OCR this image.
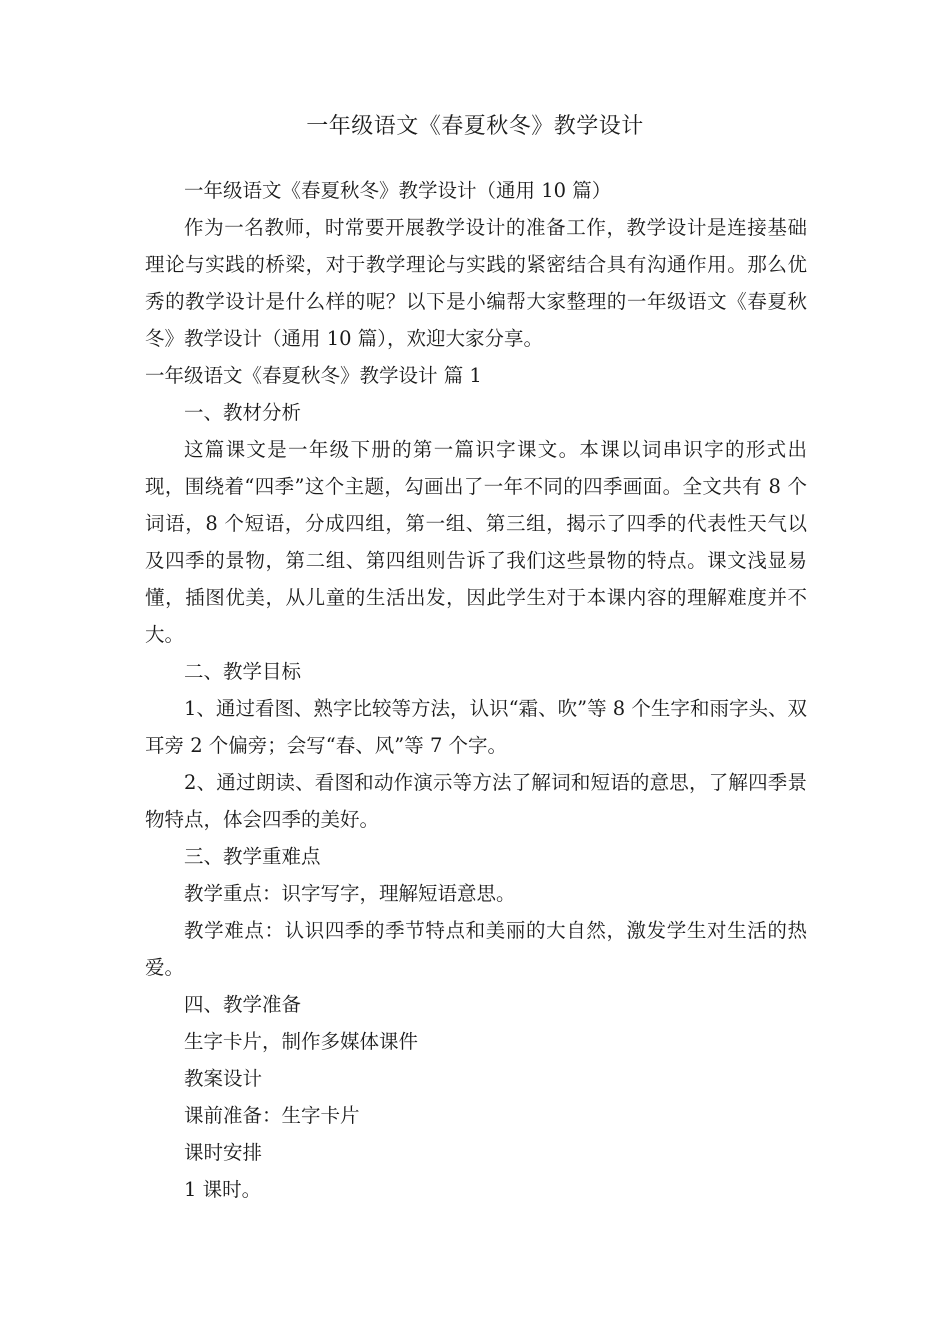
一年级语文《春夏秋冬》教学设计

一年级语文《春夏秋冬》教学设计（通用 10 篇）

作为一名教师，时常要开展教学设计的准备工作，教学设计是连接基础理论与实践的桥梁，对于教学理论与实践的紧密结合具有沟通作用。那么优秀的教学设计是什么样的呢？以下是小编帮大家整理的一年级语文《春夏秋冬》教学设计（通用 10 篇），欢迎大家分享。

一年级语文《春夏秋冬》教学设计 篇 1

一、教材分析

这篇课文是一年级下册的第一篇识字课文。本课以词串识字的形式出现，围绕着“四季”这个主题，勾画出了一年不同的四季画面。全文共有 8 个词语，8 个短语，分成四组，第一组、第三组，揭示了四季的代表性天气以及四季的景物，第二组、第四组则告诉了我们这些景物的特点。课文浅显易懂，插图优美，从儿童的生活出发，因此学生对于本课内容的理解难度并不大。

二、教学目标

1、通过看图、熟字比较等方法，认识“霜、吹”等 8 个生字和雨字头、双耳旁 2 个偏旁；会写“春、风”等 7 个字。

2、通过朗读、看图和动作演示等方法了解词和短语的意思，了解四季景物特点，体会四季的美好。

三、教学重难点

教学重点：识字写字，理解短语意思。

教学难点：认识四季的季节特点和美丽的大自然，激发学生对生活的热爱。

四、教学准备

生字卡片，制作多媒体课件

教案设计

课前准备：生字卡片

课时安排

1 课时。
